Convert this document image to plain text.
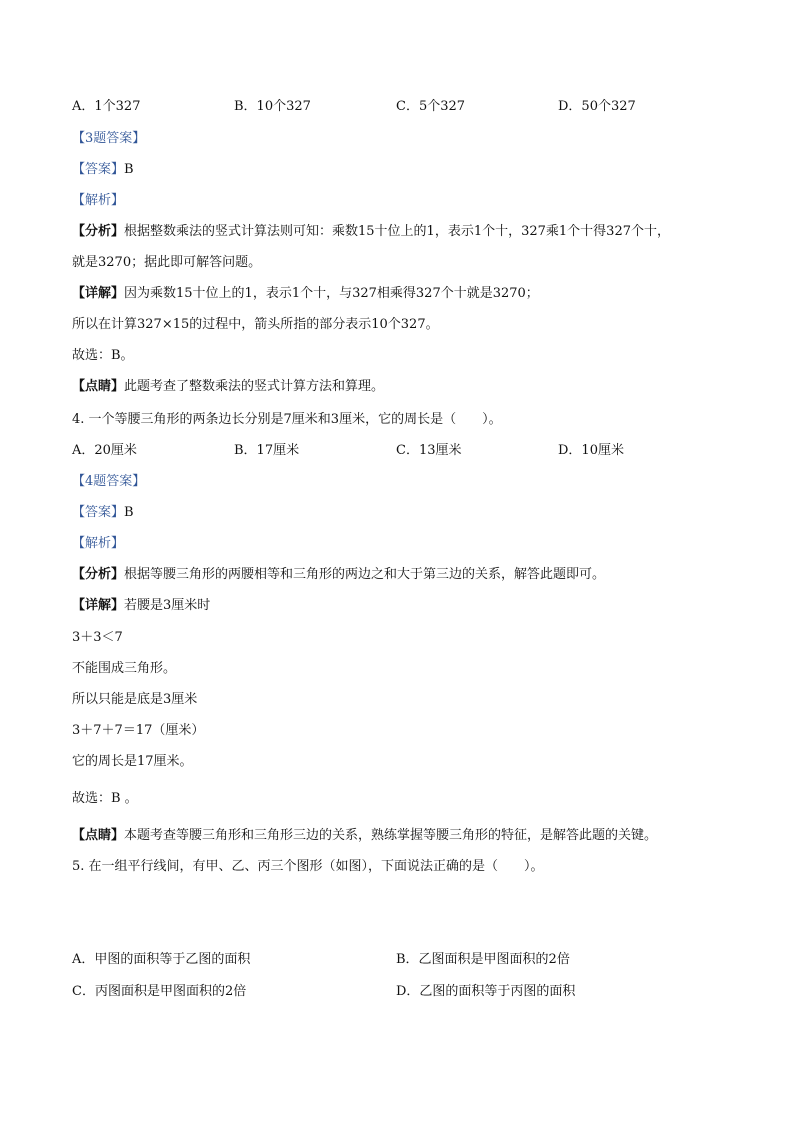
A．1个327	B．10个327	C．5个327	D．50个327
【3题答案】
【答案】B
【解析】
【分析】根据整数乘法的竖式计算法则可知：乘数15十位上的1，表示1个十，327乘1个十得327个十，
就是3270；据此即可解答问题。
【详解】因为乘数15十位上的1，表示1个十，与327相乘得327个十就是3270；
所以在计算327×15的过程中，箭头所指的部分表示10个327。
故选：B。
【点睛】此题考查了整数乘法的竖式计算方法和算理。
4. 一个等腰三角形的两条边长分别是7厘米和3厘米，它的周长是（　　）。
A．20厘米	B．17厘米	C．13厘米	D．10厘米
【4题答案】
【答案】B
【解析】
【分析】根据等腰三角形的两腰相等和三角形的两边之和大于第三边的关系，解答此题即可。
【详解】若腰是3厘米时
3＋3＜7
不能围成三角形。
所以只能是底是3厘米
3＋7＋7＝17（厘米）
它的周长是17厘米。
故选：B 。
【点睛】本题考查等腰三角形和三角形三边的关系，熟练掌握等腰三角形的特征，是解答此题的关键。
5. 在一组平行线间，有甲、乙、丙三个图形（如图），下面说法正确的是（　　）。
A．甲图的面积等于乙图的面积	B．乙图面积是甲图面积的2倍
C．丙图面积是甲图面积的2倍	D．乙图的面积等于丙图的面积
